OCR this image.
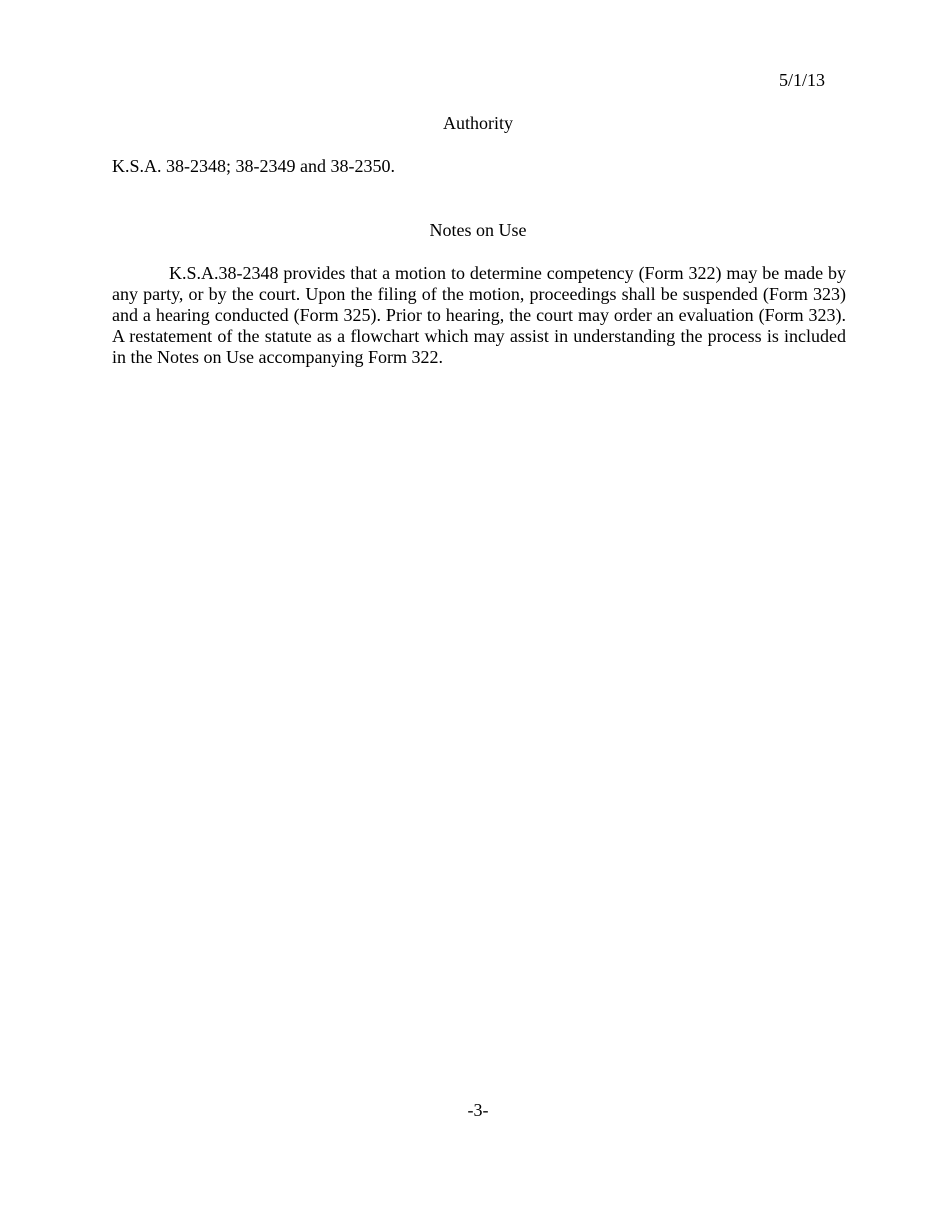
5/1/13
Authority
K.S.A. 38-2348; 38-2349 and 38-2350.
Notes on Use

K.S.A.38-2348 provides that a motion to determine competency (Form 322) may be made by any party, or by the court. Upon the filing of the motion, proceedings shall be suspended (Form 323) and a hearing conducted (Form 325). Prior to hearing, the court may order an evaluation (Form 323). A restatement of the statute as a flowchart which may assist in understanding the process is included in the Notes on Use accompanying Form 322.

-3-
